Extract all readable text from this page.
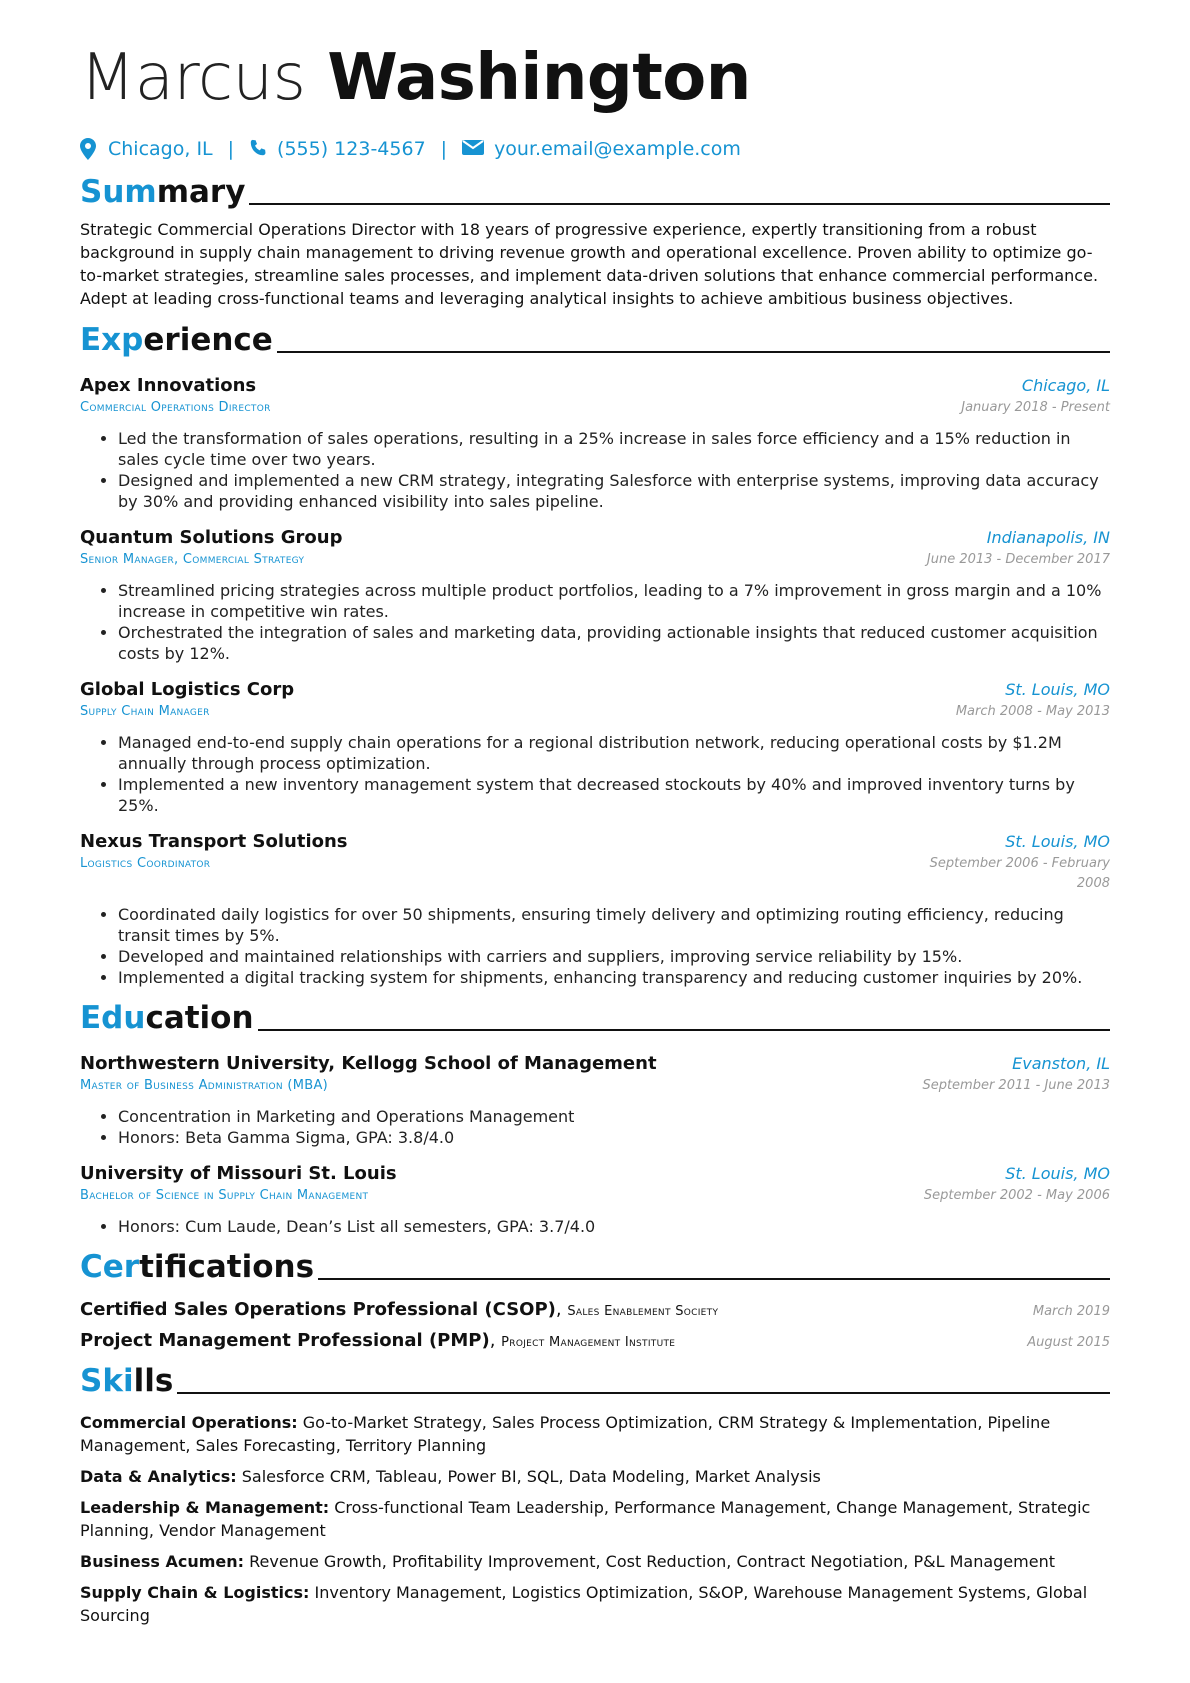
Marcus Washington
Chicago, IL | (555) 123-4567 | your.email@example.com
Summary

Strategic Commercial Operations Director with 18 years of progressive experience, expertly transitioning from a robust background in supply chain management to driving revenue growth and operational excellence. Proven ability to optimize go-to-market strategies, streamline sales processes, and implement data-driven solutions that enhance commercial performance. Adept at leading cross-functional teams and leveraging analytical insights to achieve ambitious business objectives.

Experience
Apex Innovations
Commercial Operations Director
Chicago, IL
January 2018 - Present
• Led the transformation of sales operations, resulting in a 25% increase in sales force efficiency and a 15% reduction in sales cycle time over two years.
• Designed and implemented a new CRM strategy, integrating Salesforce with enterprise systems, improving data accuracy by 30% and providing enhanced visibility into sales pipeline.
Quantum Solutions Group
Senior Manager, Commercial Strategy
Indianapolis, IN
June 2013 - December 2017
• Streamlined pricing strategies across multiple product portfolios, leading to a 7% improvement in gross margin and a 10% increase in competitive win rates.
• Orchestrated the integration of sales and marketing data, providing actionable insights that reduced customer acquisition costs by 12%.
Global Logistics Corp
Supply Chain Manager
St. Louis, MO
March 2008 - May 2013
• Managed end-to-end supply chain operations for a regional distribution network, reducing operational costs by $1.2M annually through process optimization.
• Implemented a new inventory management system that decreased stockouts by 40% and improved inventory turns by 25%.
Nexus Transport Solutions
Logistics Coordinator
St. Louis, MO
September 2006 - February 2008
• Coordinated daily logistics for over 50 shipments, ensuring timely delivery and optimizing routing efficiency, reducing transit times by 5%.
• Developed and maintained relationships with carriers and suppliers, improving service reliability by 15%.
• Implemented a digital tracking system for shipments, enhancing transparency and reducing customer inquiries by 20%.
Education
Northwestern University, Kellogg School of Management
Master of Business Administration (MBA)
Evanston, IL
September 2011 - June 2013
• Concentration in Marketing and Operations Management
• Honors: Beta Gamma Sigma, GPA: 3.8/4.0
University of Missouri St. Louis
Bachelor of Science in Supply Chain Management
St. Louis, MO
September 2002 - May 2006
• Honors: Cum Laude, Dean’s List all semesters, GPA: 3.7/4.0
Certifications
Certified Sales Operations Professional (CSOP), Sales Enablement Society	March 2019
Project Management Professional (PMP), Project Management Institute	August 2015
Skills
Commercial Operations: Go-to-Market Strategy, Sales Process Optimization, CRM Strategy & Implementation, Pipeline Management, Sales Forecasting, Territory Planning
Data & Analytics: Salesforce CRM, Tableau, Power BI, SQL, Data Modeling, Market Analysis
Leadership & Management: Cross-functional Team Leadership, Performance Management, Change Management, Strategic Planning, Vendor Management
Business Acumen: Revenue Growth, Profitability Improvement, Cost Reduction, Contract Negotiation, P&L Management
Supply Chain & Logistics: Inventory Management, Logistics Optimization, S&OP, Warehouse Management Systems, Global Sourcing
